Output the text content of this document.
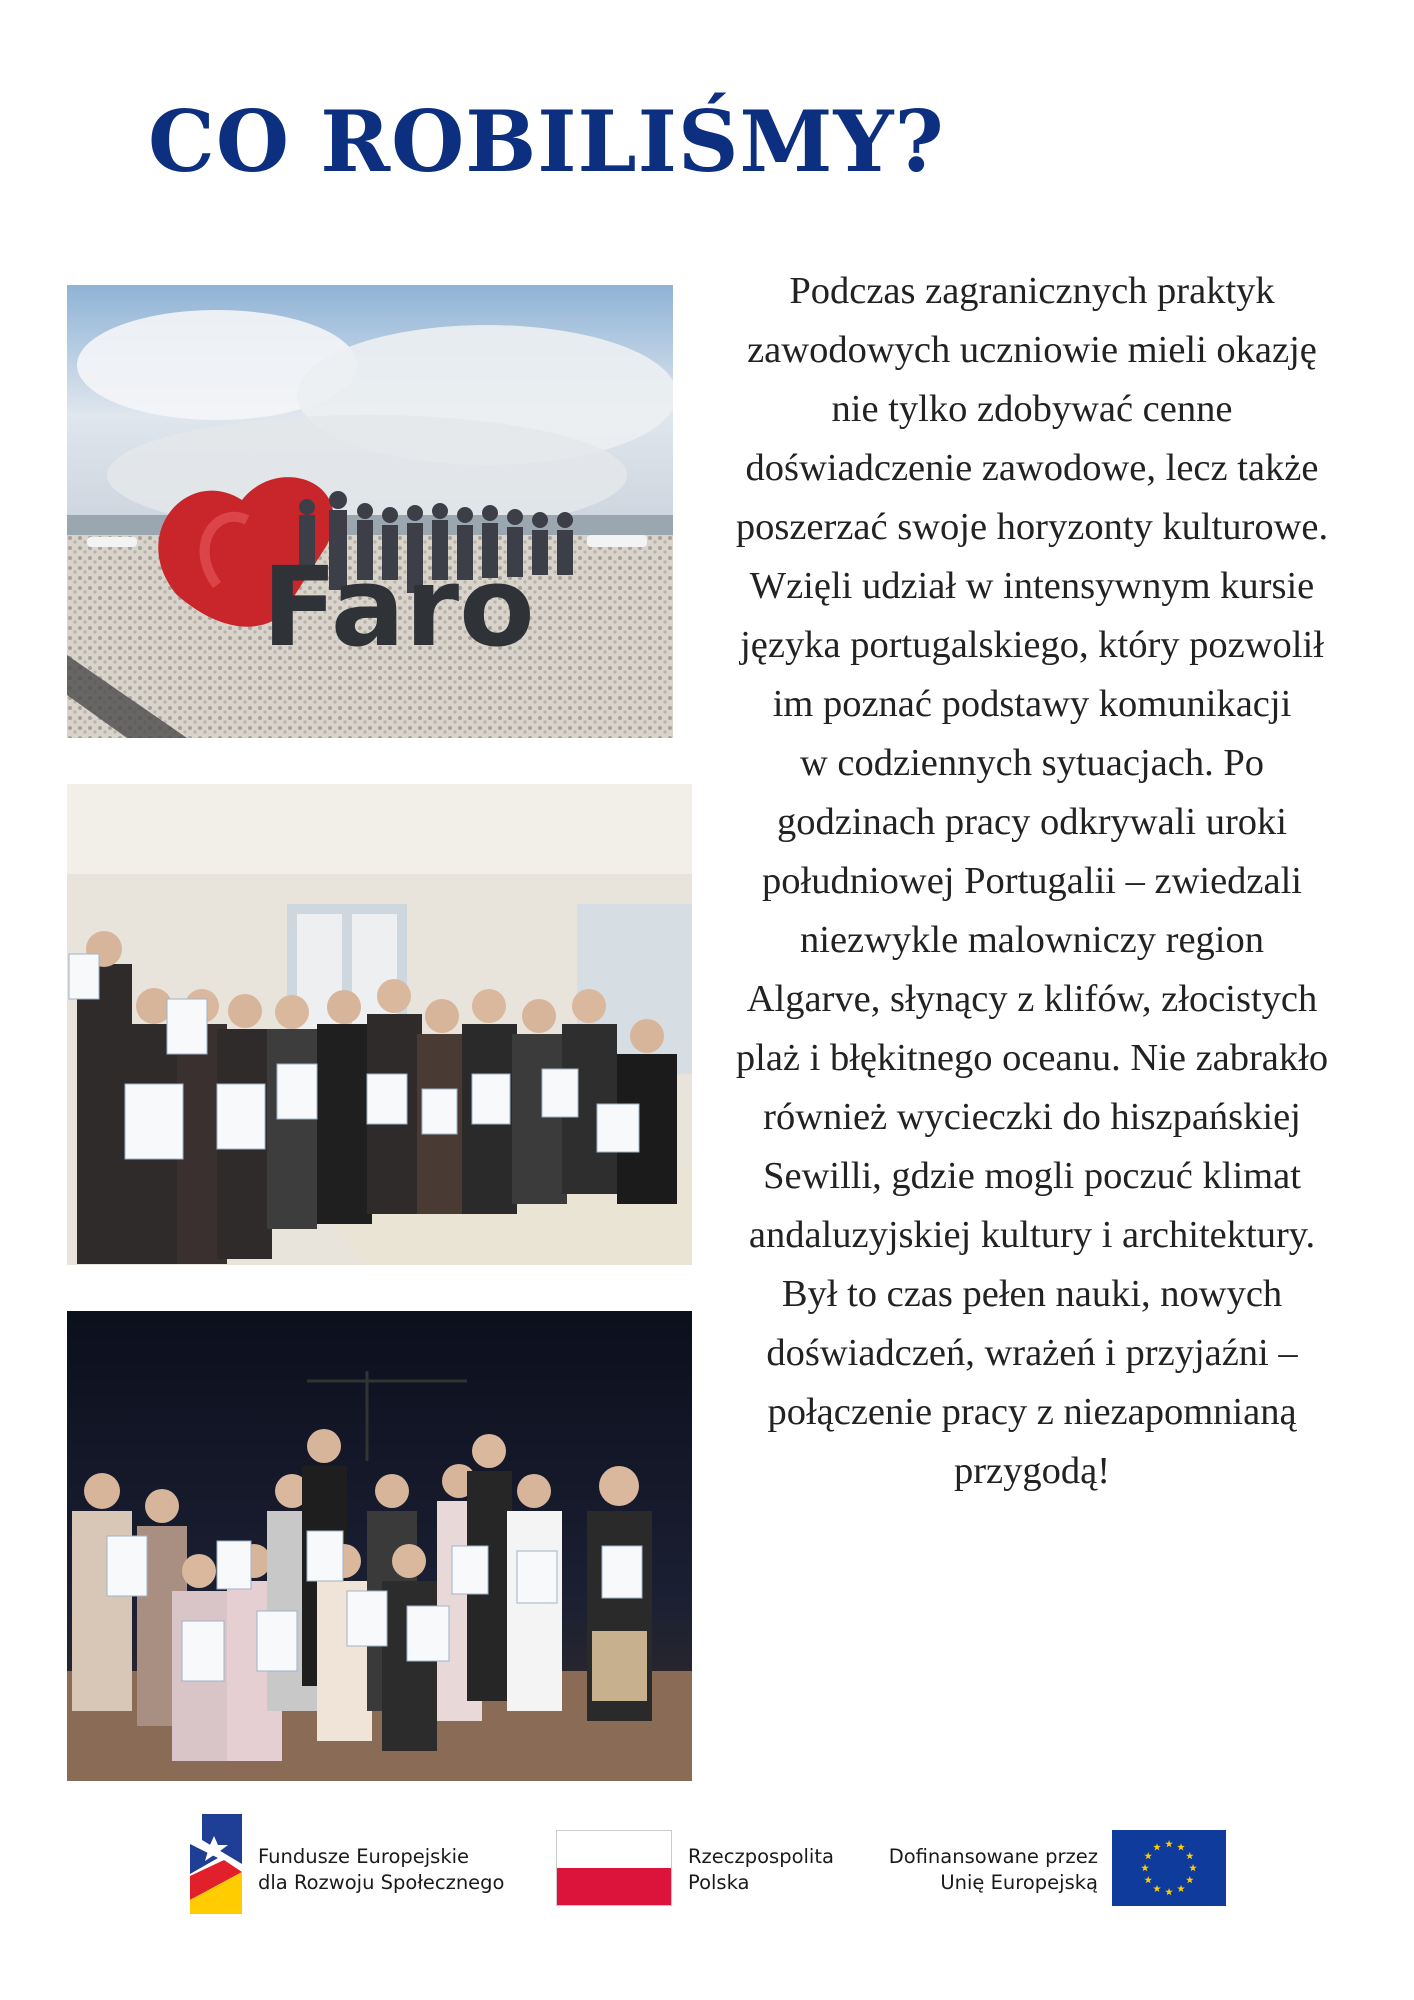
CO ROBILIŚMY?
Faro

Podczas zagranicznych praktyk

zawodowych uczniowie mieli okazję

nie tylko zdobywać cenne

doświadczenie zawodowe, lecz także

poszerzać swoje horyzonty kulturowe.

Wzięli udział w intensywnym kursie

języka portugalskiego, który pozwolił

im poznać podstawy komunikacji

w codziennych sytuacjach. Po

godzinach pracy odkrywali uroki

południowej Portugalii – zwiedzali

niezwykle malowniczy region

Algarve, słynący z klifów, złocistych

plaż i błękitnego oceanu. Nie zabrakło

również wycieczki do hiszpańskiej

Sewilli, gdzie mogli poczuć klimat

andaluzyjskiej kultury i architektury.

Był to czas pełen nauki, nowych

doświadczeń, wrażeń i przyjaźni –

połączenie pracy z niezapomnianą

przygodą!

Fundusze Europejskie
dla Rozwoju Społecznego
Rzeczpospolita
Polska
Dofinansowane przez
Unię Europejską
